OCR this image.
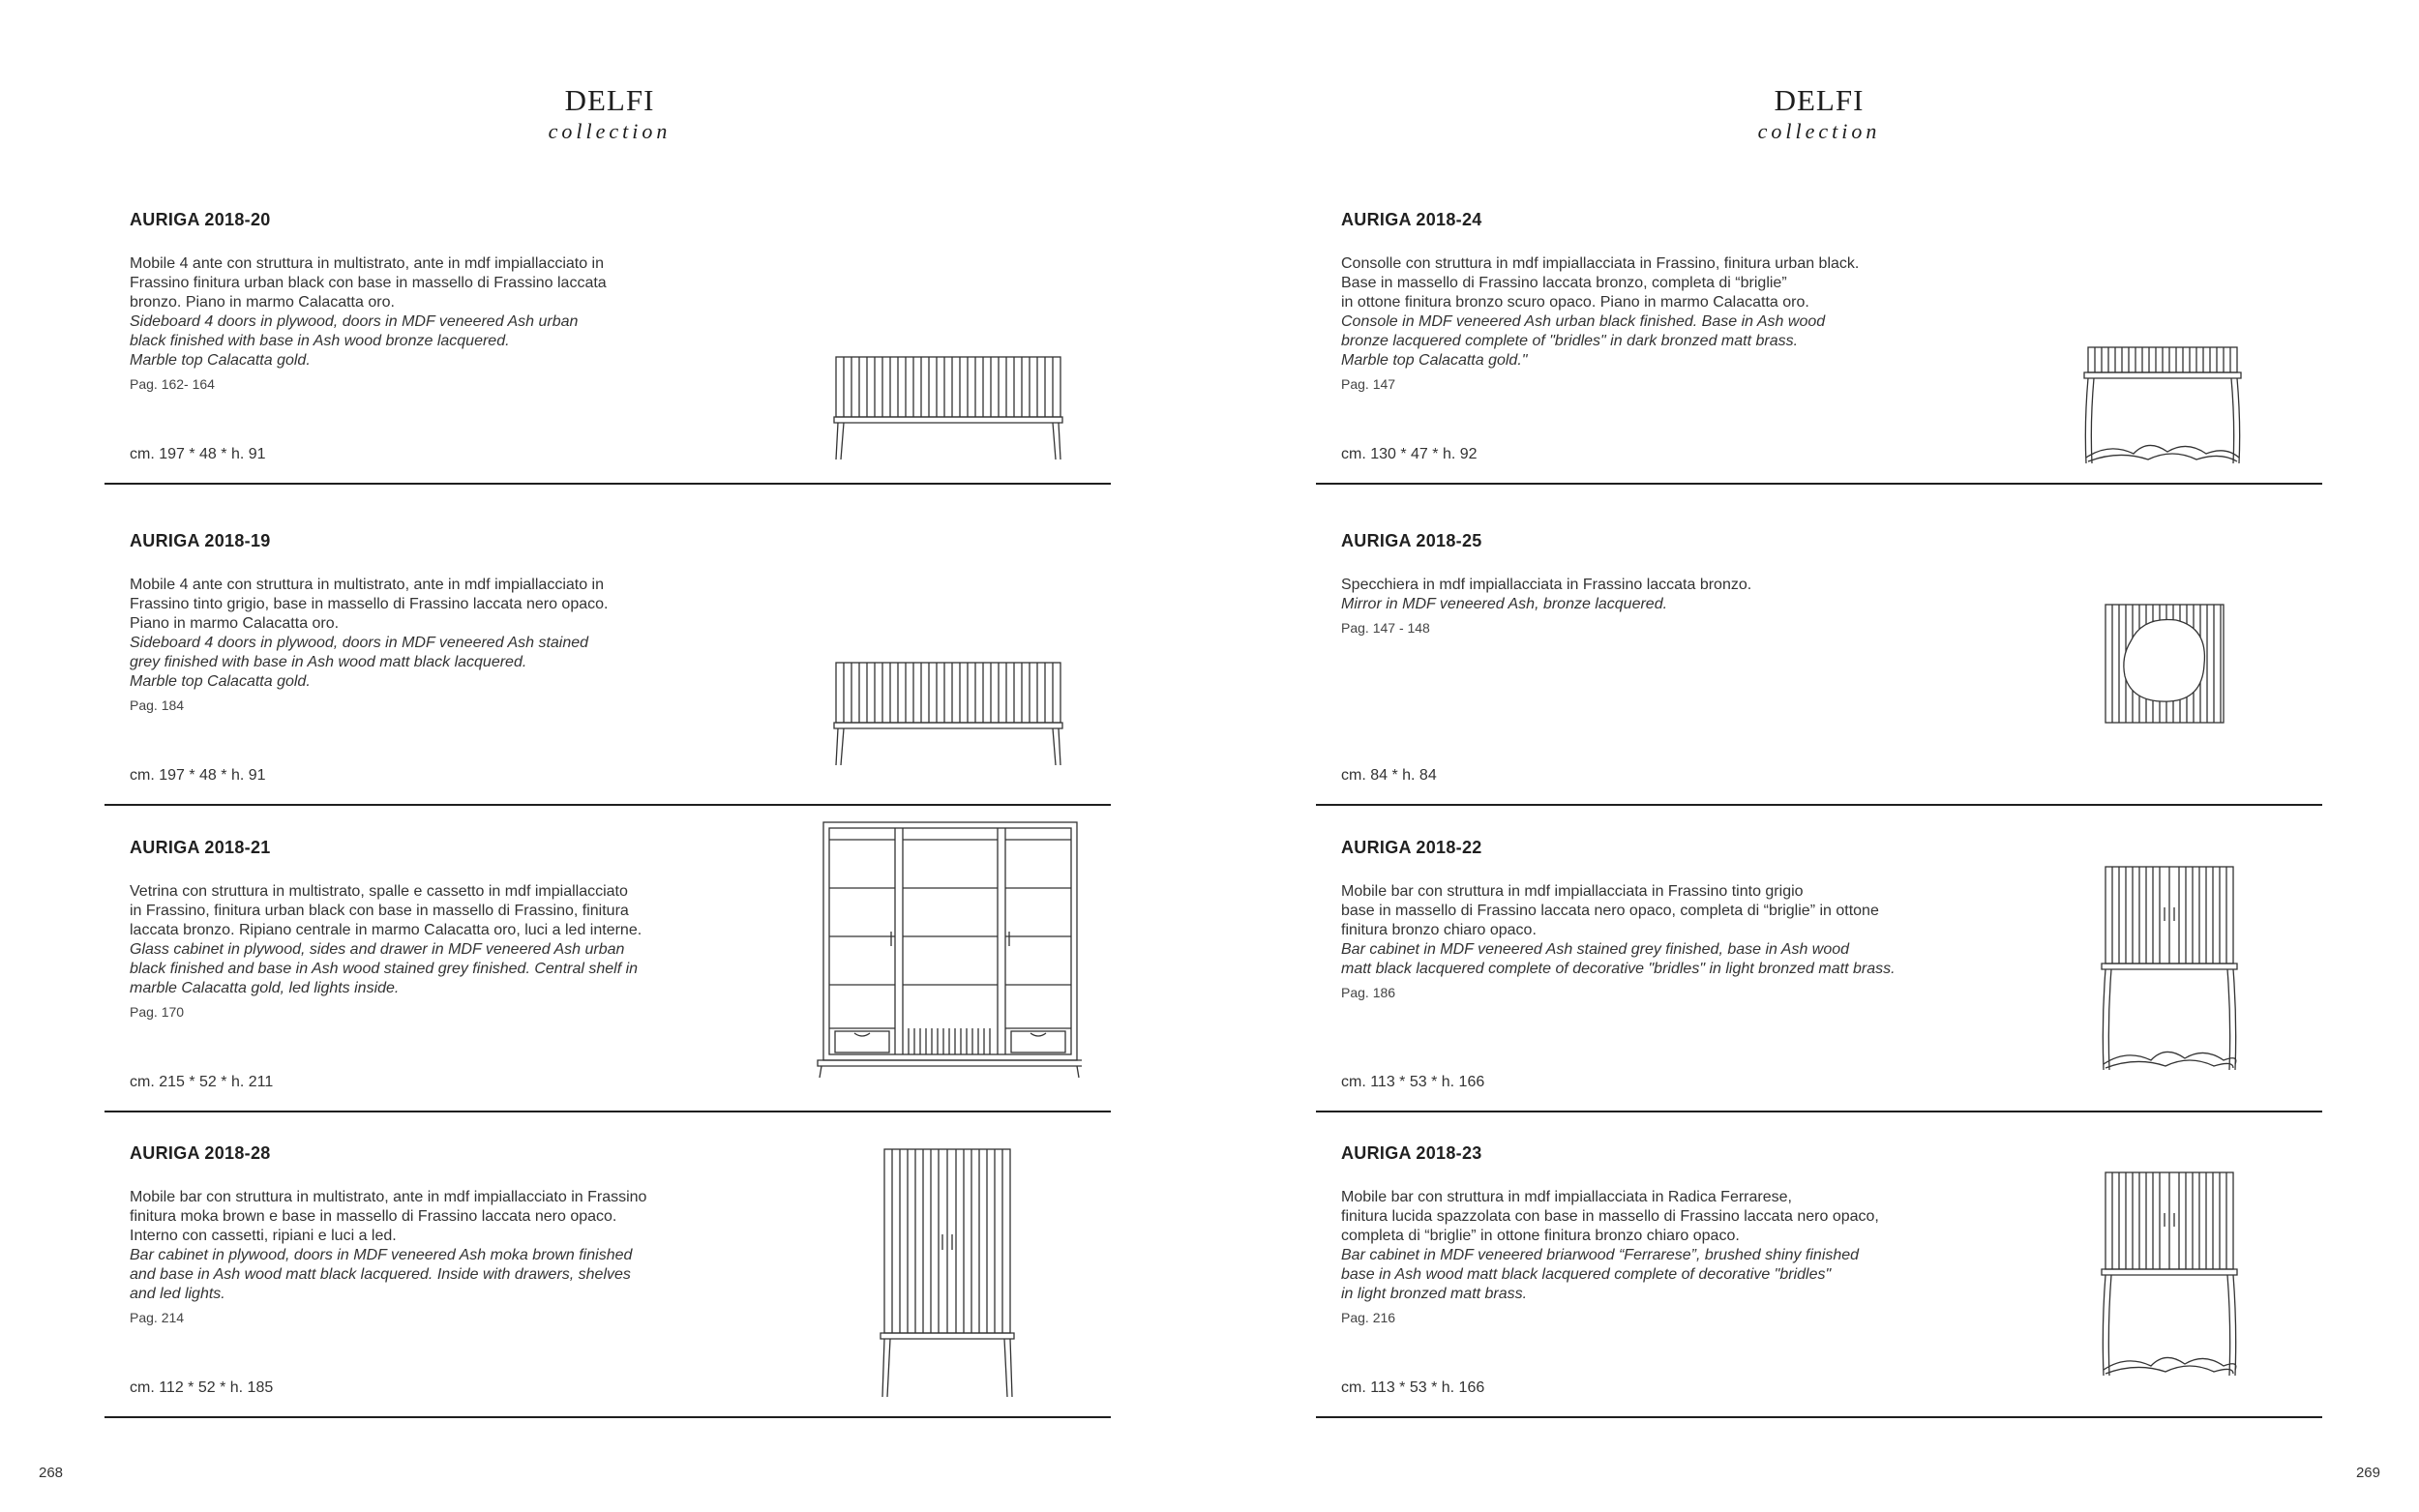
DELFI
collection
AURIGA 2018-20
Mobile 4 ante con struttura in multistrato, ante in mdf impiallacciato in
Frassino finitura urban black con base in massello di Frassino laccata
bronzo. Piano in marmo Calacatta oro.
Sideboard 4 doors in plywood, doors in MDF veneered Ash urban
black finished with base in Ash wood bronze lacquered.
Marble top Calacatta gold.
Pag. 162- 164
cm. 197 * 48 * h. 91
AURIGA 2018-19
Mobile 4 ante con struttura in multistrato, ante in mdf impiallacciato in
Frassino tinto grigio, base in massello di Frassino laccata nero opaco.
Piano in marmo Calacatta oro.
Sideboard 4 doors in plywood, doors in MDF veneered Ash stained
grey finished with base in Ash wood matt black lacquered.
Marble top Calacatta gold.
Pag. 184
cm. 197 * 48 * h. 91
AURIGA 2018-21
Vetrina con struttura in multistrato, spalle e cassetto in mdf impiallacciato
in Frassino, finitura urban black con base in massello di Frassino, finitura
laccata bronzo. Ripiano centrale in marmo Calacatta oro, luci a led interne.
Glass cabinet in plywood, sides and drawer in MDF veneered Ash urban
black finished and base in Ash wood stained grey finished. Central shelf in
marble Calacatta gold, led lights inside.
Pag. 170
cm. 215 * 52 * h. 211
AURIGA 2018-28
Mobile bar con struttura in multistrato, ante in mdf impiallacciato in Frassino
finitura moka brown e base in massello di Frassino laccata nero opaco.
Interno con cassetti, ripiani e luci a led.
Bar cabinet in plywood, doors in MDF veneered Ash moka brown finished
and base in Ash wood matt black lacquered. Inside with drawers, shelves
and led lights.
Pag. 214
cm. 112 * 52 * h. 185
268
DELFI
collection
AURIGA 2018-24
Consolle con struttura in mdf impiallacciata in Frassino, finitura urban black.
Base in massello di Frassino laccata bronzo, completa di “briglie”
in ottone finitura bronzo scuro opaco. Piano in marmo Calacatta oro.
Console in MDF veneered Ash urban black finished. Base in Ash wood
bronze lacquered complete of "bridles" in dark bronzed matt brass.
Marble top Calacatta gold."
Pag. 147
cm. 130 * 47 * h. 92
AURIGA 2018-25
Specchiera in mdf impiallacciata in Frassino laccata bronzo.
Mirror in MDF veneered Ash, bronze lacquered.
Pag. 147 - 148
cm. 84 * h. 84
AURIGA 2018-22
Mobile bar con struttura in mdf impiallacciata in Frassino tinto grigio
base in massello di Frassino laccata nero opaco, completa di “briglie” in ottone
finitura bronzo chiaro opaco.
Bar cabinet in MDF veneered Ash stained grey finished, base in Ash wood
matt black lacquered complete of decorative "bridles" in light bronzed matt brass.
Pag. 186
cm. 113 * 53 * h. 166
AURIGA 2018-23
Mobile bar con struttura in mdf impiallacciata in Radica Ferrarese,
finitura lucida spazzolata con base in massello di Frassino laccata nero opaco,
completa di “briglie” in ottone finitura bronzo chiaro opaco.
Bar cabinet in MDF veneered briarwood “Ferrarese”, brushed shiny finished
base in Ash wood matt black lacquered complete of decorative "bridles"
in light bronzed matt brass.
Pag. 216
cm. 113 * 53 * h. 166
269
